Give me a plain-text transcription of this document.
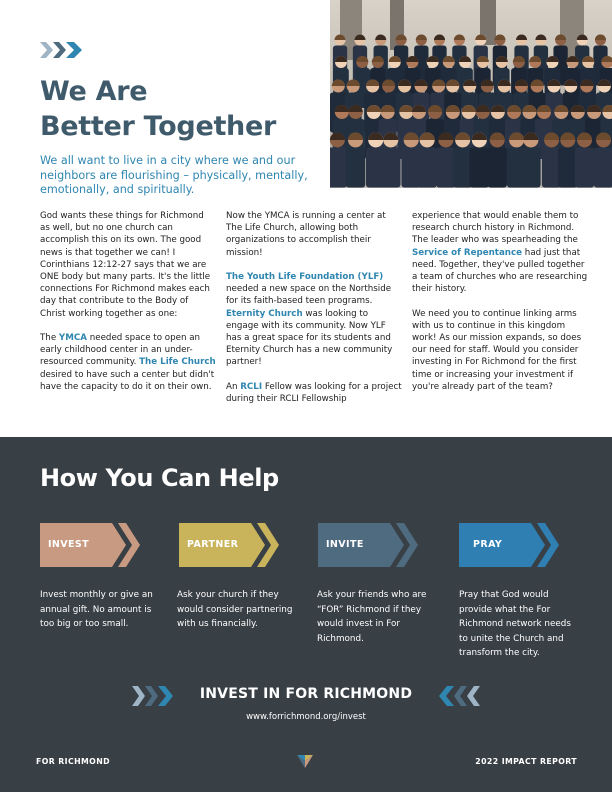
We Are
Better Together
We all want to live in a city where we and our neighbors are flourishing – physically, mentally, emotionally, and spiritually.

God wants these things for Richmond as well, but no one church can accomplish this on its own. The good news is that together we can! I Corinthians 12:12-27 says that we are ONE body but many parts. It's the little connections For Richmond makes each day that contribute to the Body of Christ working together as one:

The YMCA needed space to open an early childhood center in an under-resourced community. The Life Church desired to have such a center but didn't have the capacity to do it on their own.

Now the YMCA is running a center at The Life Church, allowing both organizations to accomplish their mission!

The Youth Life Foundation (YLF) needed a new space on the Northside for its faith-based teen programs. Eternity Church was looking to engage with its community. Now YLF has a great space for its students and Eternity Church has a new community partner!

An RCLI Fellow was looking for a project during their RCLI Fellowship

experience that would enable them to research church history in Richmond. The leader who was spearheading the Service of Repentance had just that need. Together, they've pulled together a team of churches who are researching their history.

We need you to continue linking arms with us to continue in this kingdom work! As our mission expands, so does our need for staff. Would you consider investing in For Richmond for the first time or increasing your investment if you're already part of the team?

How You Can Help
INVEST	PARTNER	INVITE	PRAY
Invest monthly or give an annual gift. No amount is too big or too small.
Ask your church if they would consider partnering with us financially.
Ask your friends who are “FOR” Richmond if they would invest in For Richmond.
Pray that God would provide what the For Richmond network needs to unite the Church and transform the city.
INVEST IN FOR RICHMOND
www.forrichmond.org/invest
FOR RICHMOND	2022 IMPACT REPORT
